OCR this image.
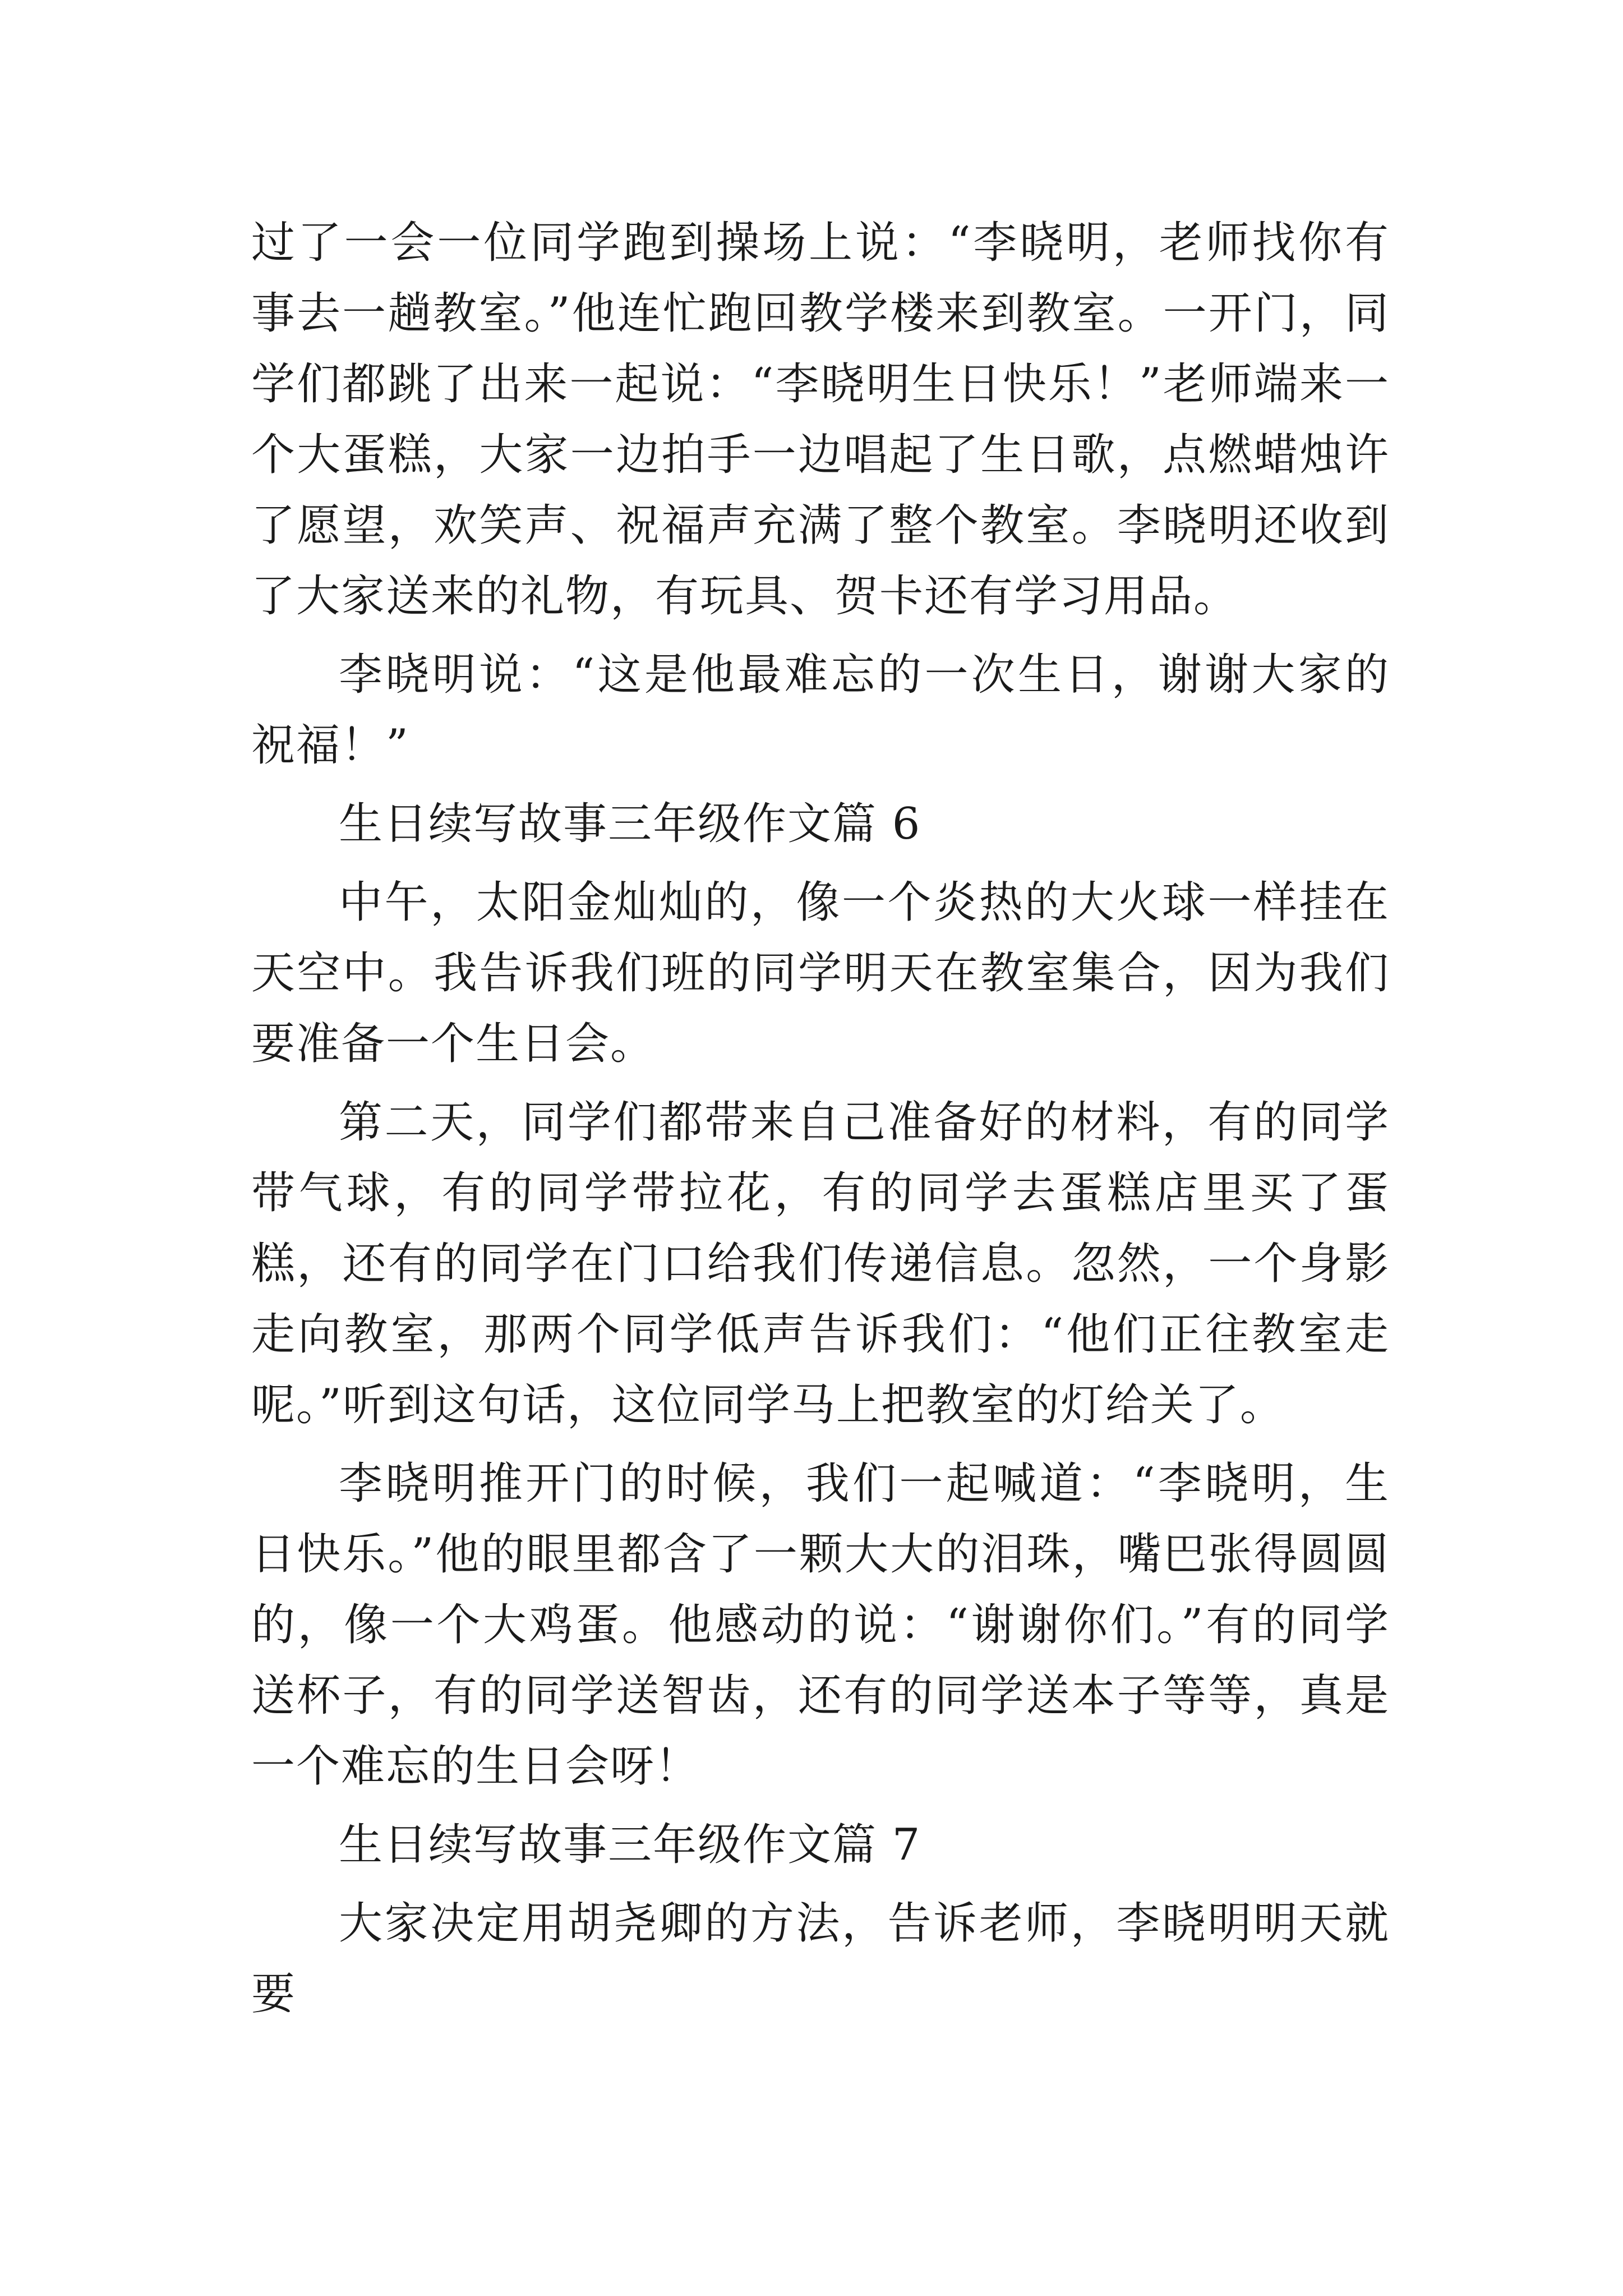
过了一会一位同学跑到操场上说：“李晓明，老师找你有事去一趟教室。”他连忙跑回教学楼来到教室。一开门，同学们都跳了出来一起说：“李晓明生日快乐！”老师端来一个大蛋糕，大家一边拍手一边唱起了生日歌，点燃蜡烛许了愿望，欢笑声、祝福声充满了整个教室。李晓明还收到了大家送来的礼物，有玩具、贺卡还有学习用品。

李晓明说：“这是他最难忘的一次生日，谢谢大家的祝福！”

生日续写故事三年级作文篇 6

中午，太阳金灿灿的，像一个炎热的大火球一样挂在天空中。我告诉我们班的同学明天在教室集合，因为我们要准备一个生日会。

第二天，同学们都带来自己准备好的材料，有的同学带气球，有的同学带拉花，有的同学去蛋糕店里买了蛋糕，还有的同学在门口给我们传递信息。忽然，一个身影走向教室，那两个同学低声告诉我们：“他们正往教室走呢。”听到这句话，这位同学马上把教室的灯给关了。

李晓明推开门的时候，我们一起喊道：“李晓明，生日快乐。”他的眼里都含了一颗大大的泪珠，嘴巴张得圆圆的，像一个大鸡蛋。他感动的说：“谢谢你们。”有的同学送杯子，有的同学送智齿，还有的同学送本子等等，真是一个难忘的生日会呀！

生日续写故事三年级作文篇 7

大家决定用胡尧卿的方法，告诉老师，李晓明明天就要
